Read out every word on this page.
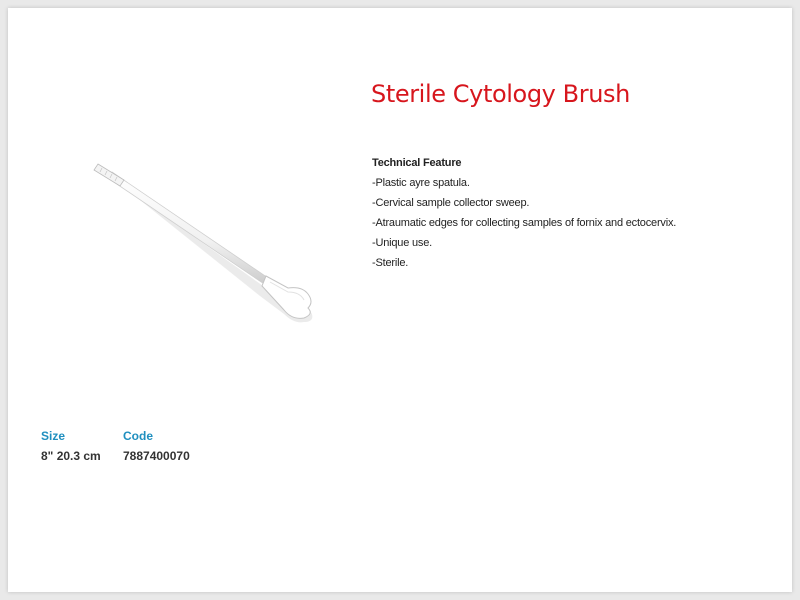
Sterile Cytology Brush
Technical Feature
-Plastic ayre spatula.
-Cervical sample collector sweep.
-Atraumatic edges for collecting samples of fornix and ectocervix.
-Unique use.
-Sterile.
Size	Code
8" 20.3 cm	7887400070
